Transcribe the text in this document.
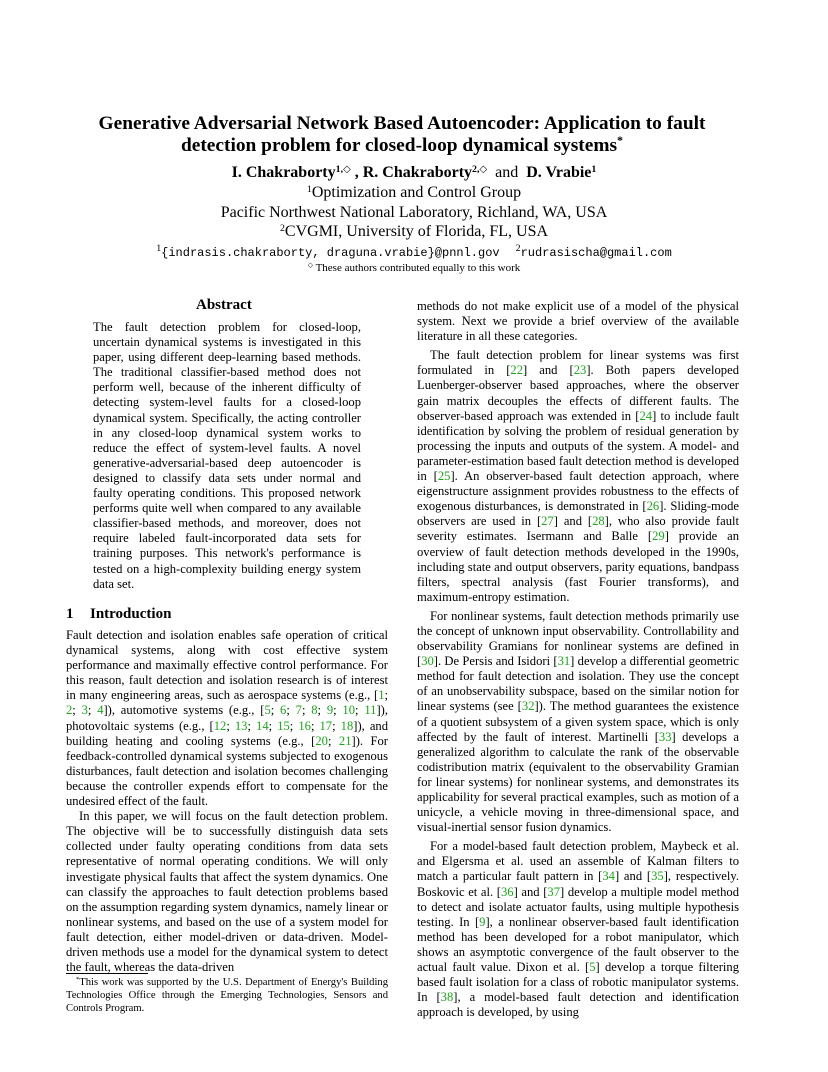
Generative Adversarial Network Based Autoencoder: Application to fault detection problem for closed-loop dynamical systems*
I. Chakraborty$^{1,◇}$ , R. Chakraborty$^{2,◇}$ and D. Vrabie$^1$
$^1$Optimization and Control Group
Pacific Northwest National Laboratory, Richland, WA, USA
$^2$CVGMI, University of Florida, FL, USA
$^1${indrasis.chakraborty, draguna.vrabie}@pnnl.gov $^2$rudrasischa@gmail.com
◇ These authors contributed equally to this work
Abstract

The fault detection problem for closed-loop, uncertain dynamical systems is investigated in this paper, using different deep-learning based methods. The traditional classifier-based method does not perform well, because of the inherent difficulty of detecting system-level faults for a closed-loop dynamical system. Specifically, the acting controller in any closed-loop dynamical system works to reduce the effect of system-level faults. A novel generative-adversarial-based deep autoencoder is designed to classify data sets under normal and faulty operating conditions. This proposed network performs quite well when compared to any available classifier-based methods, and moreover, does not require labeled fault-incorporated data sets for training purposes. This network's performance is tested on a high-complexity building energy system data set.

1 Introduction

Fault detection and isolation enables safe operation of critical dynamical systems, along with cost effective system performance and maximally effective control performance. For this reason, fault detection and isolation research is of interest in many engineering areas, such as aerospace systems (e.g., [1; 2; 3; 4]), automotive systems (e.g., [5; 6; 7; 8; 9; 10; 11]), photovoltaic systems (e.g., [12; 13; 14; 15; 16; 17; 18]), and building heating and cooling systems (e.g., [20; 21]). For feedback-controlled dynamical systems subjected to exogenous disturbances, fault detection and isolation becomes challenging because the controller expends effort to compensate for the undesired effect of the fault.

In this paper, we will focus on the fault detection problem. The objective will be to successfully distinguish data sets collected under faulty operating conditions from data sets representative of normal operating conditions. We will only investigate physical faults that affect the system dynamics. One can classify the approaches to fault detection problems based on the assumption regarding system dynamics, namely linear or nonlinear systems, and based on the use of a system model for fault detection, either model-driven or data-driven. Model-driven methods use a model for the dynamical system to detect the fault, whereas the data-driven

*This work was supported by the U.S. Department of Energy's Building Technologies Office through the Emerging Technologies, Sensors and Controls Program.

methods do not make explicit use of a model of the physical system. Next we provide a brief overview of the available literature in all these categories.

The fault detection problem for linear systems was first formulated in [22] and [23]. Both papers developed Luenberger-observer based approaches, where the observer gain matrix decouples the effects of different faults. The observer-based approach was extended in [24] to include fault identification by solving the problem of residual generation by processing the inputs and outputs of the system. A model- and parameter-estimation based fault detection method is developed in [25]. An observer-based fault detection approach, where eigenstructure assignment provides robustness to the effects of exogenous disturbances, is demonstrated in [26]. Sliding-mode observers are used in [27] and [28], who also provide fault severity estimates. Isermann and Balle [29] provide an overview of fault detection methods developed in the 1990s, including state and output observers, parity equations, bandpass filters, spectral analysis (fast Fourier transforms), and maximum-entropy estimation.

For nonlinear systems, fault detection methods primarily use the concept of unknown input observability. Controllability and observability Gramians for nonlinear systems are defined in [30]. De Persis and Isidori [31] develop a differential geometric method for fault detection and isolation. They use the concept of an unobservability subspace, based on the similar notion for linear systems (see [32]). The method guarantees the existence of a quotient subsystem of a given system space, which is only affected by the fault of interest. Martinelli [33] develops a generalized algorithm to calculate the rank of the observable codistribution matrix (equivalent to the observability Gramian for linear systems) for nonlinear systems, and demonstrates its applicability for several practical examples, such as motion of a unicycle, a vehicle moving in three-dimensional space, and visual-inertial sensor fusion dynamics.

For a model-based fault detection problem, Maybeck et al. and Elgersma et al. used an assemble of Kalman filters to match a particular fault pattern in [34] and [35], respectively. Boskovic et al. [36] and [37] develop a multiple model method to detect and isolate actuator faults, using multiple hypothesis testing. In [9], a nonlinear observer-based fault identification method has been developed for a robot manipulator, which shows an asymptotic convergence of the fault observer to the actual fault value. Dixon et al. [5] develop a torque filtering based fault isolation for a class of robotic manipulator systems. In [38], a model-based fault detection and identification approach is developed, by using
